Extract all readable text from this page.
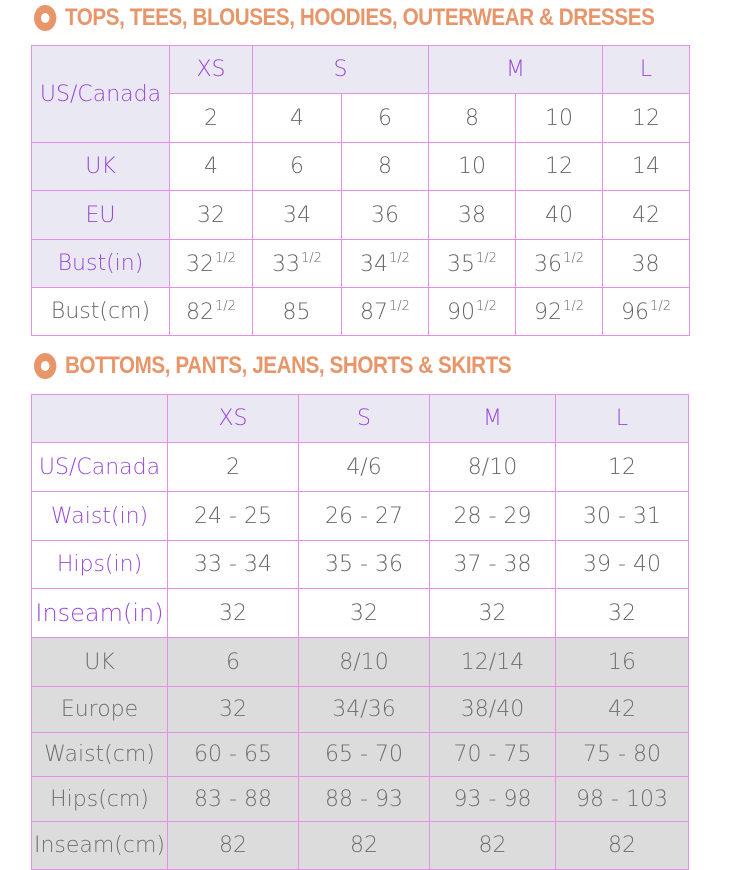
TOPS, TEES, BLOUSES, HOODIES, OUTERWEAR & DRESSES
US/Canada	XS	S		M		L
	2	4	6	8	10	12
UK	4	6	8	10	12	14
EU	32	34	36	38	40	42
Bust(in)	$32^{1/2}$	$33^{1/2}$	$34^{1/2}$	$35^{1/2}$	$36^{1/2}$	38
Bust(cm)	$82^{1/2}$	85	$87^{1/2}$	$90^{1/2}$	$92^{1/2}$	$96^{1/2}$
BOTTOMS, PANTS, JEANS, SHORTS & SKIRTS
	XS	S	M	L
US/Canada	2	4/6	8/10	12
Waist(in)	24 - 25	26 - 27	28 - 29	30 - 31
Hips(in)	33 - 34	35 - 36	37 - 38	39 - 40
Inseam(in)	32	32	32	32
UK	6	8/10	12/14	16
Europe	32	34/36	38/40	42
Waist(cm)	60 - 65	65 - 70	70 - 75	75 - 80
Hips(cm)	83 - 88	88 - 93	93 - 98	98 - 103
Inseam(cm)	82	82	82	82
